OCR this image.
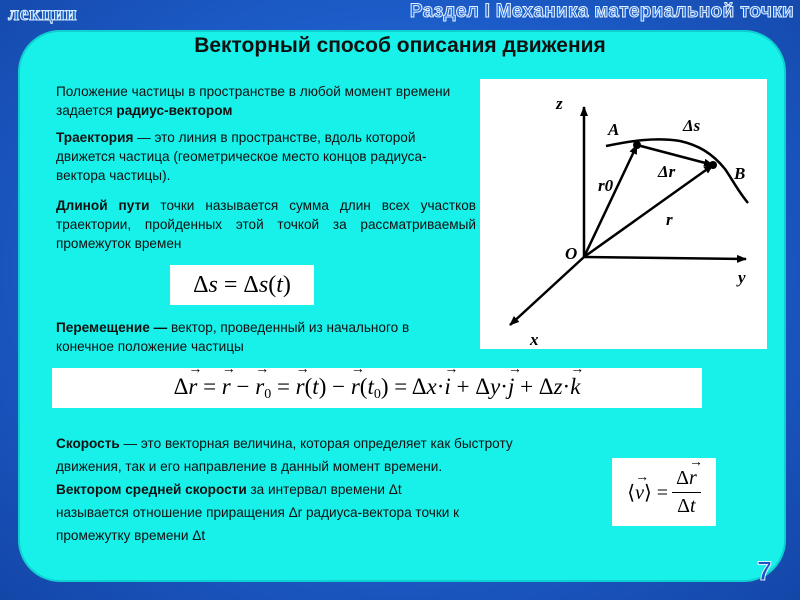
лекции	Раздел I Механика материальной точки
Векторный способ описания движения
Положение частицы в пространстве в любой момент времени задается радиус-вектором
Траектория — это линия в пространстве, вдоль которой движется частица (геометрическое место концов радиуса-вектора частицы).
Длиной пути точки называется сумма длин всех участков траектории, пройденных этой точкой за рассматриваемый промежуток времен
Δs = Δs(t)
Перемещение — вектор, проведенный из начального в конечное положение частицы
Δ→ r = → r − → $r_0$ = → r(t) − → $r(t_0) = \Delta x\cdot\to i + \Delta y\cdot\to j + \Delta z\cdot\to k$
Скорость — это векторная величина, которая определяет как быстроту
движения, так и его направление в данный момент времени.
Вектором средней скорости за интервал времени Δt
называется отношение приращения Δr радиуса-вектора точки к
промежутку времени Δt
⟨→ v⟩ = $\frac{\Delta\to r}{\Delta t}$
z
y
x
O
A
B
Δs
Δr
r0
r
7
